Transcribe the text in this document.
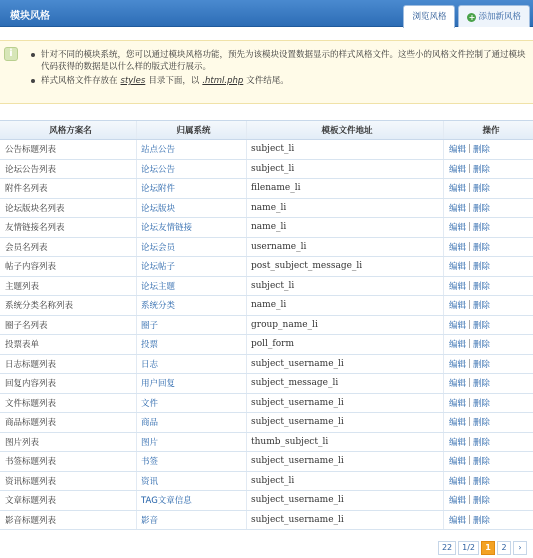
模块风格	浏览风格	+ 添加新风格
i	针对不同的模块系统，您可以通过模块风格功能，预先为该模块设置数据显示的样式风格文件。这些小的风格文件控制了通过模块代码获得的数据是以什么样的版式进行展示。
样式风格文件存放在 styles 目录下面，以 .html.php 文件结尾。
风格方案名	归属系统	模板文件地址	操作
公告标题列表	站点公告	subject_li	编辑 | 删除
论坛公告列表	论坛公告	subject_li	编辑 | 删除
附件名列表	论坛附件	filename_li	编辑 | 删除
论坛版块名列表	论坛版块	name_li	编辑 | 删除
友情链接名列表	论坛友情链接	name_li	编辑 | 删除
会员名列表	论坛会员	username_li	编辑 | 删除
帖子内容列表	论坛帖子	post_subject_message_li	编辑 | 删除
主题列表	论坛主题	subject_li	编辑 | 删除
系统分类名称列表	系统分类	name_li	编辑 | 删除
圈子名列表	圈子	group_name_li	编辑 | 删除
投票表单	投票	poll_form	编辑 | 删除
日志标题列表	日志	subject_username_li	编辑 | 删除
回复内容列表	用户回复	subject_message_li	编辑 | 删除
文件标题列表	文件	subject_username_li	编辑 | 删除
商品标题列表	商品	subject_username_li	编辑 | 删除
图片列表	图片	thumb_subject_li	编辑 | 删除
书签标题列表	书签	subject_username_li	编辑 | 删除
资讯标题列表	资讯	subject_li	编辑 | 删除
文章标题列表	TAG文章信息	subject_username_li	编辑 | 删除
影音标题列表	影音	subject_username_li	编辑 | 删除
22	1/2	1	2	›
